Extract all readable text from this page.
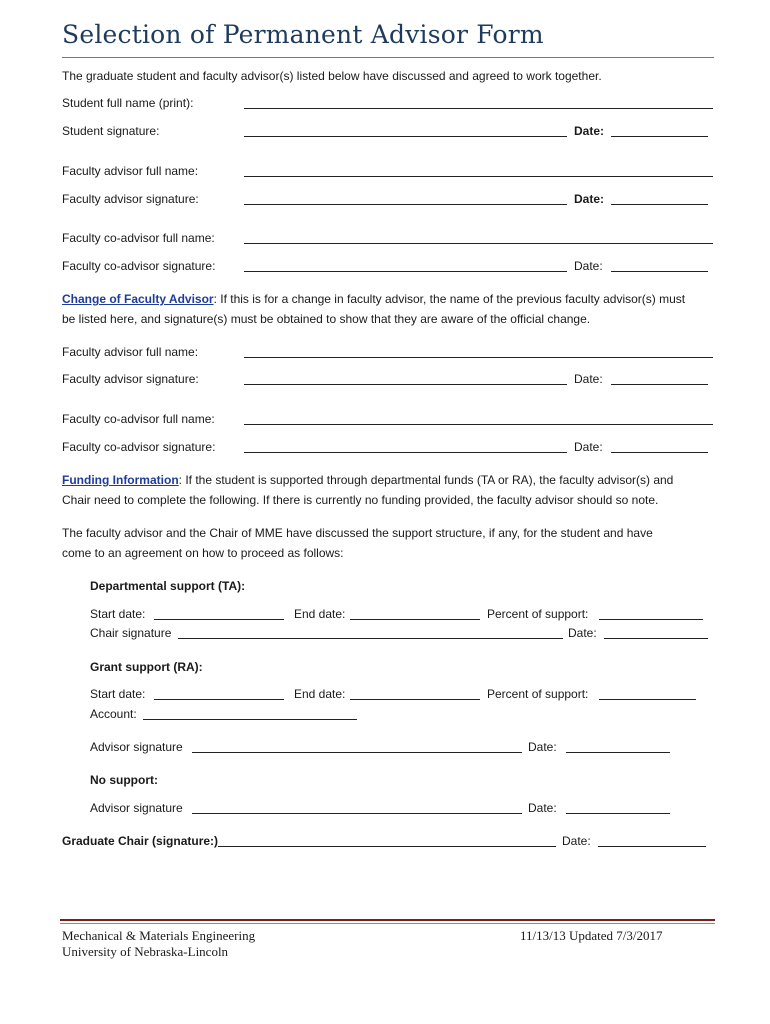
Selection of Permanent Advisor Form
The graduate student and faculty advisor(s) listed below have discussed and agreed to work together.
Student full name (print):
Student signature:	Date:
Faculty advisor full name:
Faculty advisor signature:	Date:
Faculty co-advisor full name:
Faculty co-advisor signature:	Date:
Change of Faculty Advisor: If this is for a change in faculty advisor, the name of the previous faculty advisor(s) must
be listed here, and signature(s) must be obtained to show that they are aware of the official change.
Faculty advisor full name:
Faculty advisor signature:	Date:
Faculty co-advisor full name:
Faculty co-advisor signature:	Date:
Funding Information: If the student is supported through departmental funds (TA or RA), the faculty advisor(s) and
Chair need to complete the following. If there is currently no funding provided, the faculty advisor should so note.
The faculty advisor and the Chair of MME have discussed the support structure, if any, for the student and have
come to an agreement on how to proceed as follows:
Departmental support (TA):
Start date:	End date:	Percent of support:
Chair signature	Date:
Grant support (RA):
Start date:	End date:	Percent of support:
Account:
Advisor signature	Date:
No support:
Advisor signature	Date:
Graduate Chair (signature:)	Date:
Mechanical & Materials Engineering
University of Nebraska-Lincoln
11/13/13 Updated 7/3/2017
